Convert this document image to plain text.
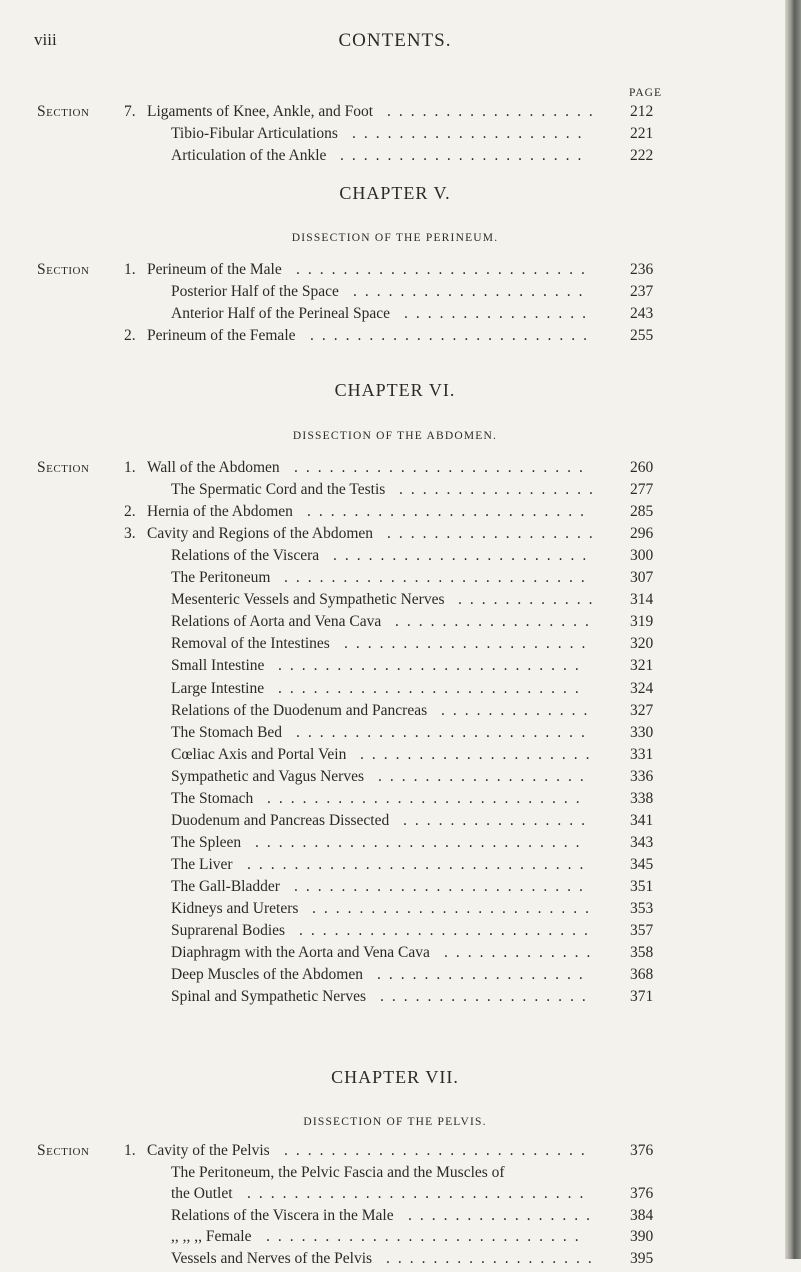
viii	CONTENTS.
PAGE
Section 7. Ligaments of Knee, Ankle, and Foot .................. 212
Tibio-Fibular Articulations ....................	221
Articulation of the Ankle .....................	222
CHAPTER V.
DISSECTION OF THE PERINEUM.
Section 1. Perineum of the Male ......................... 236
Posterior Half of the Space ....................	237
Anterior Half of the Perineal Space ................ 243
2. Perineum of the Female ........................ 255
CHAPTER VI.
DISSECTION OF THE ABDOMEN.
Section 1. Wall of the Abdomen .........................	260
The Spermatic Cord and the Testis ................. 277
2. Hernia of the Abdomen ........................ 285
3. Cavity and Regions of the Abdomen .................. 296
Relations of the Viscera ...................... 300
The Peritoneum .......................... 307
Mesenteric Vessels and Sympathetic Nerves ............ 314
Relations of Aorta and Vena Cava ................. 319
Removal of the Intestines ..................... 320
Small Intestine ..........................	321
Large Intestine ..........................	324
Relations of the Duodenum and Pancreas ............. 327
The Stomach Bed ......................... 330
Cœliac Axis and Portal Vein .................... 331
Sympathetic and Vagus Nerves .................. 336
The Stomach ...........................	338
Duodenum and Pancreas Dissected ................ 341
The Spleen ............................	343
The Liver ............................. 345
The Gall-Bladder .........................	351
Kidneys and Ureters ........................ 353
Suprarenal Bodies ......................... 357
Diaphragm with the Aorta and Vena Cava ............. 358
Deep Muscles of the Abdomen ..................	368
Spinal and Sympathetic Nerves .................. 371
CHAPTER VII.
DISSECTION OF THE PELVIS.
Section 1. Cavity of the Pelvis .......................... 376
The Peritoneum, the Pelvic Fascia and the Muscles of
the Outlet ............................. 376
Relations of the Viscera in the Male ................ 384
,, ,, ,, Female ...........................	390
Vessels and Nerves of the Pelvis .................. 395
